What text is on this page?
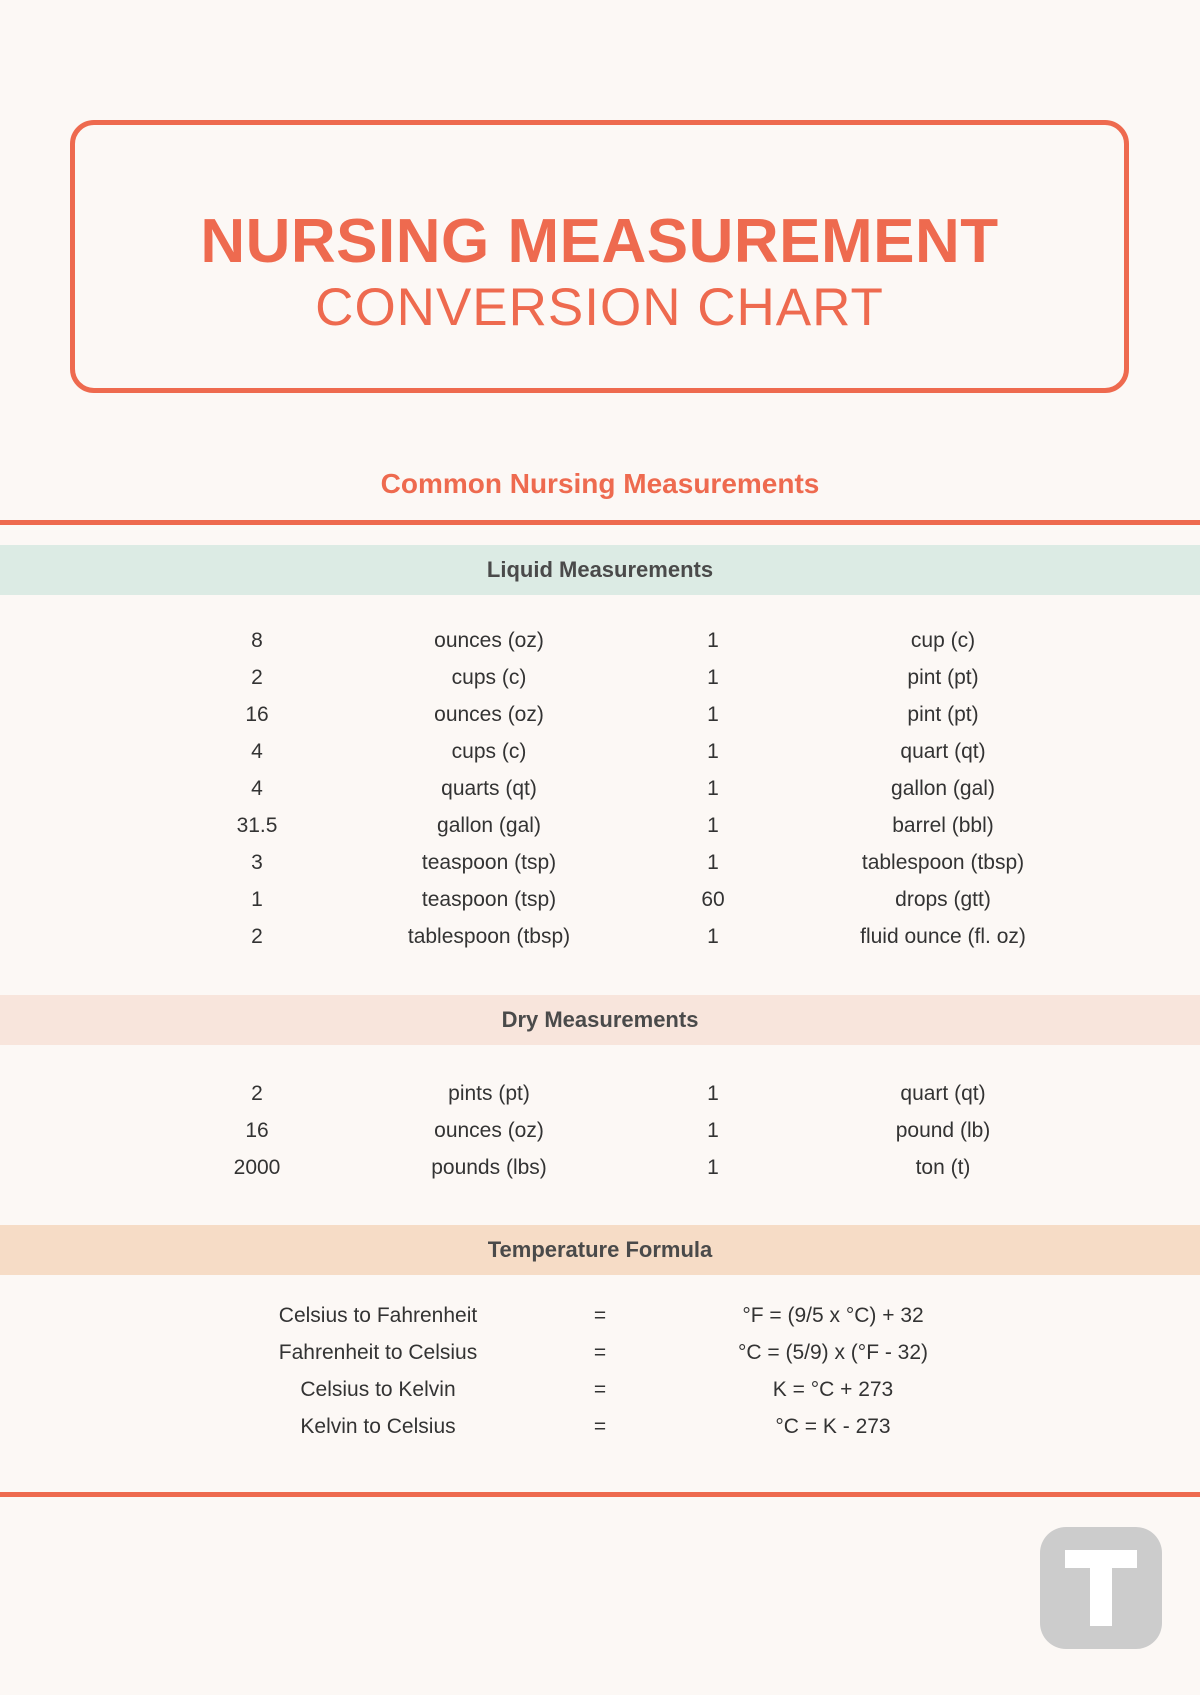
NURSING MEASUREMENT
CONVERSION CHART
Common Nursing Measurements
Liquid Measurements
8	ounces (oz)	1	cup (c)
2	cups (c)	1	pint (pt)
16	ounces (oz)	1	pint (pt)
4	cups (c)	1	quart (qt)
4	quarts (qt)	1	gallon (gal)
31.5	gallon (gal)	1	barrel (bbl)
3	teaspoon (tsp)	1	tablespoon (tbsp)
1	teaspoon (tsp)	60	drops (gtt)
2	tablespoon (tbsp)	1	fluid ounce (fl. oz)
Dry Measurements
2	pints (pt)	1	quart (qt)
16	ounces (oz)	1	pound (lb)
2000	pounds (lbs)	1	ton (t)
Temperature Formula
Celsius to Fahrenheit	=	°F = (9/5 x °C) + 32
Fahrenheit to Celsius	=	°C = (5/9) x (°F - 32)
Celsius to Kelvin	=	K = °C + 273
Kelvin to Celsius	=	°C = K - 273
